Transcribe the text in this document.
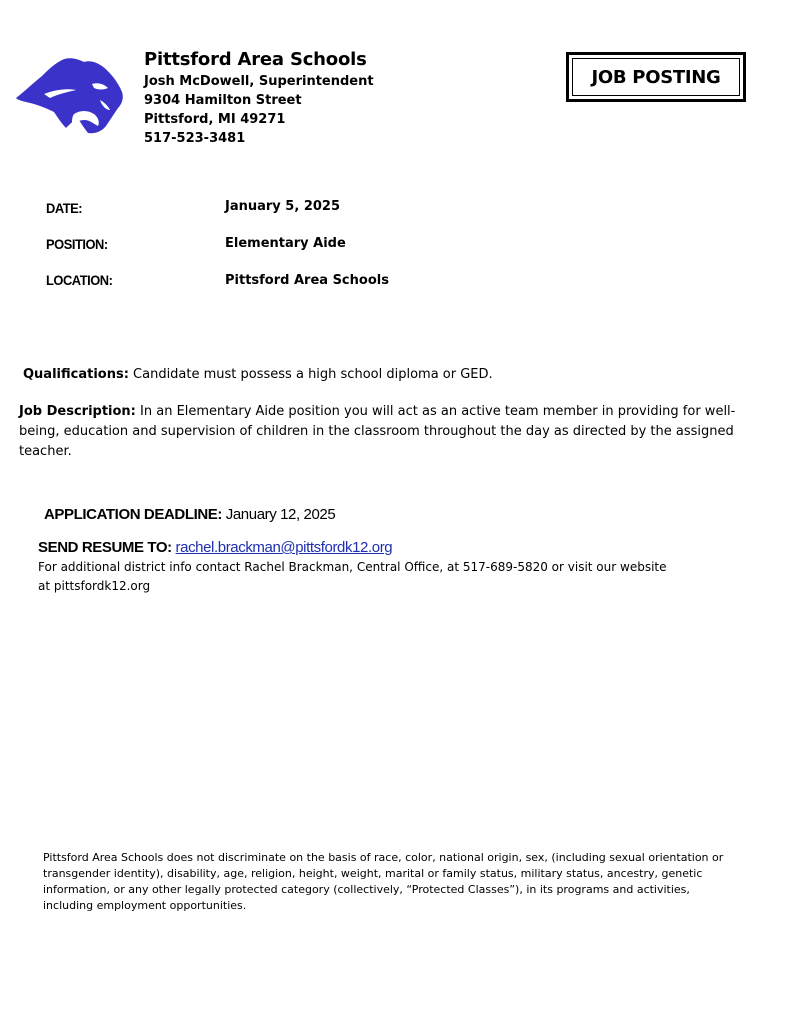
Pittsford Area Schools
Josh McDowell, Superintendent
9304 Hamilton Street
Pittsford, MI 49271
517-523-3481
JOB POSTING
DATE:	January 5, 2025
POSITION:	Elementary Aide
LOCATION:	Pittsford Area Schools
Qualifications: Candidate must possess a high school diploma or GED.
Job Description: In an Elementary Aide position you will act as an active team member in providing for well-being, education and supervision of children in the classroom throughout the day as directed by the assigned teacher.
APPLICATION DEADLINE: January 12, 2025
SEND RESUME TO: rachel.brackman@pittsfordk12.org
For additional district info contact Rachel Brackman, Central Office, at 517-689-5820 or visit our website at pittsfordk12.org
Pittsford Area Schools does not discriminate on the basis of race, color, national origin, sex, (including sexual orientation or transgender identity), disability, age, religion, height, weight, marital or family status, military status, ancestry, genetic information, or any other legally protected category (collectively, “Protected Classes”), in its programs and activities, including employment opportunities.
